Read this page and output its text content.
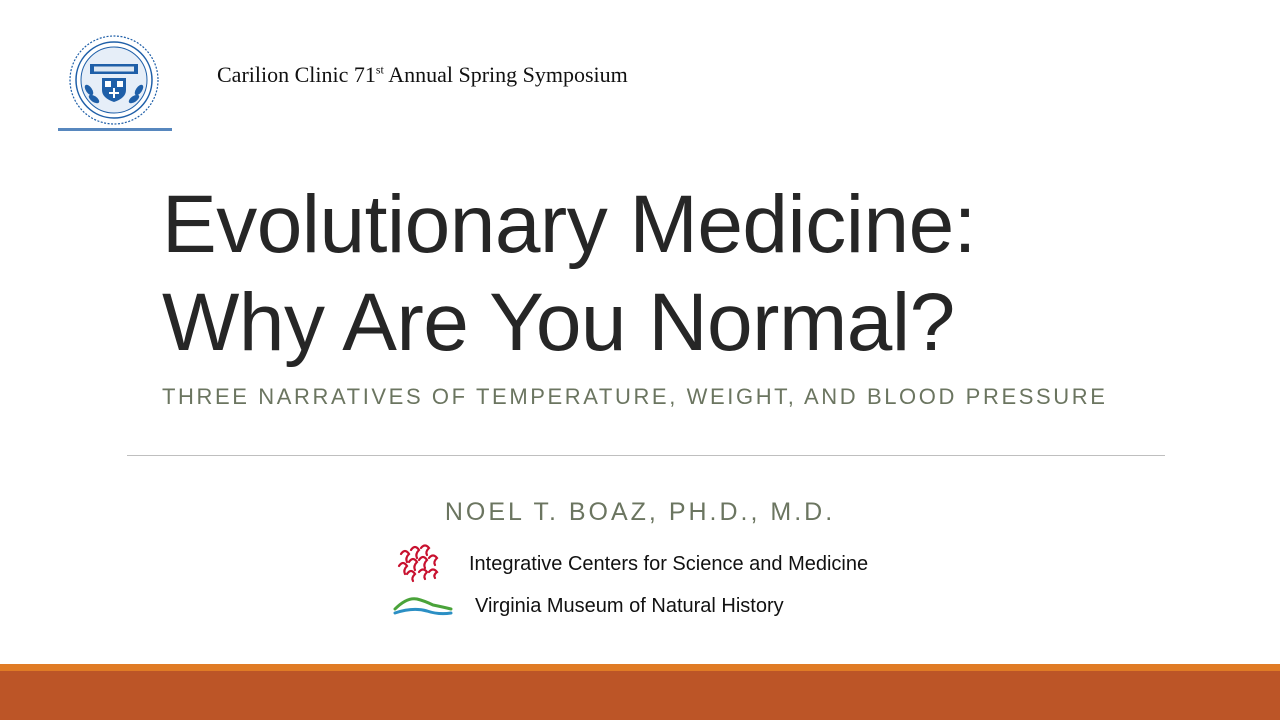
Carilion Clinic 71st Annual Spring Symposium
Evolutionary Medicine:
Why Are You Normal?
THREE NARRATIVES OF TEMPERATURE, WEIGHT, AND BLOOD PRESSURE
NOEL T. BOAZ, PH.D., M.D.
Integrative Centers for Science and Medicine
Virginia Museum of Natural History
